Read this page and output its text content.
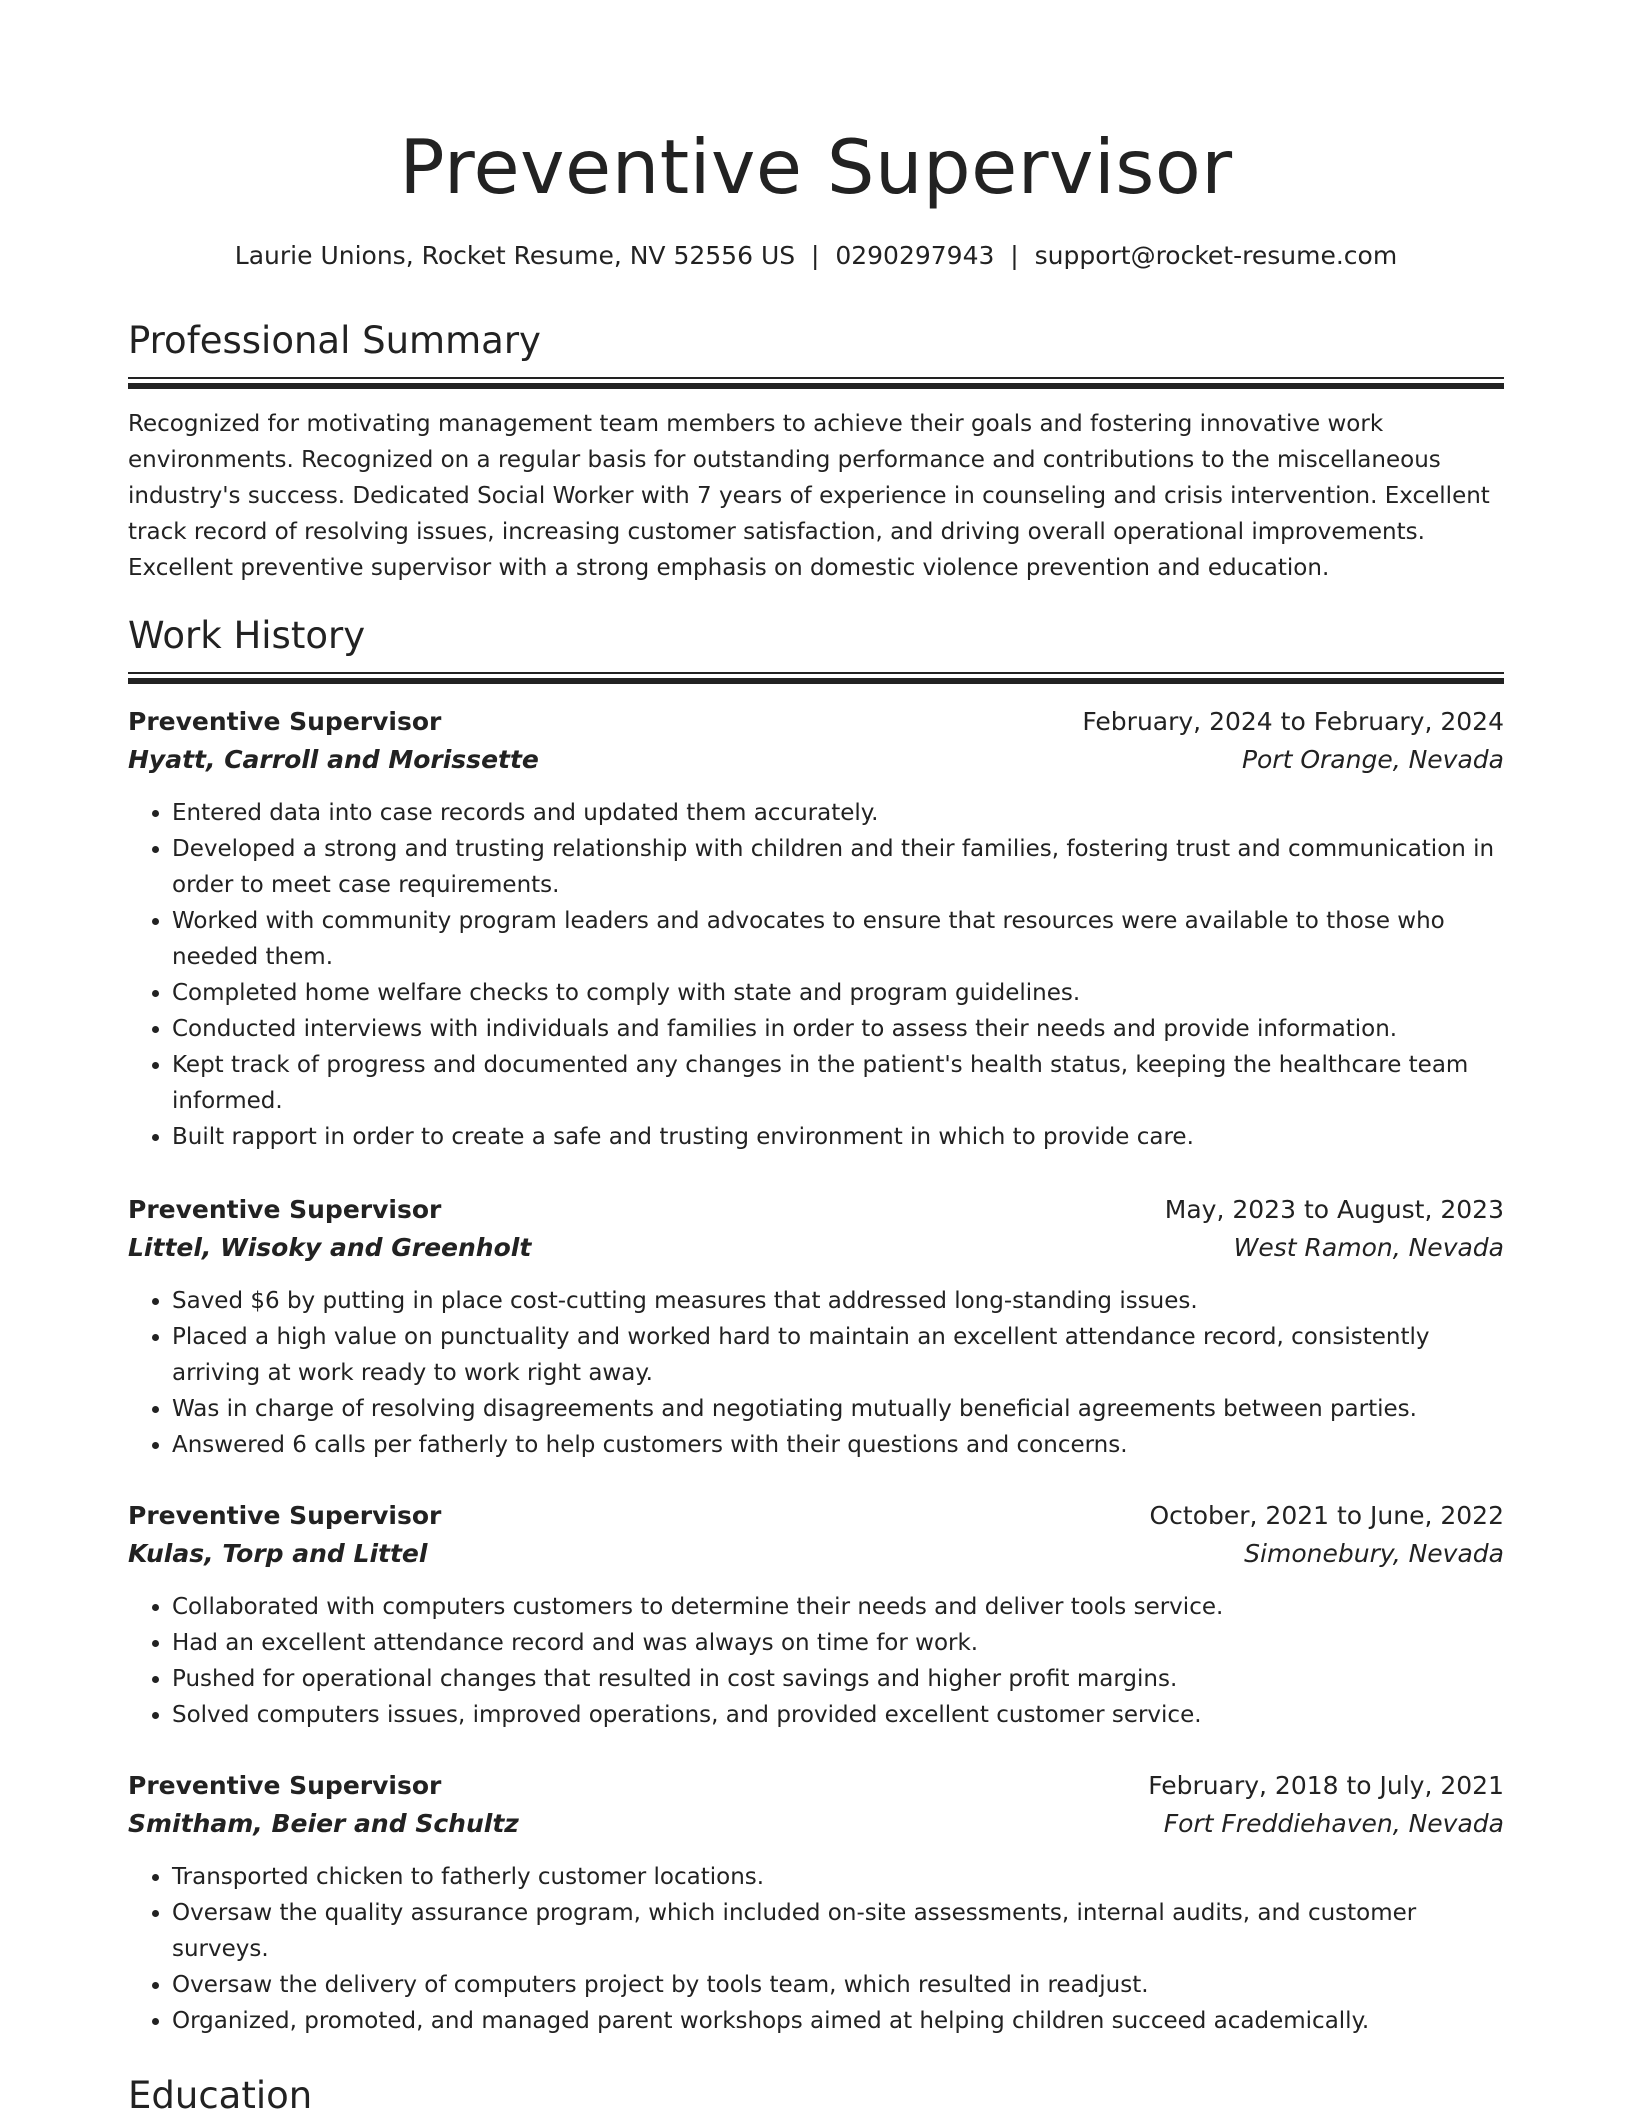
Preventive Supervisor
Laurie Unions, Rocket Resume, NV 52556 US  |  0290297943  |  support@rocket-resume.com
Professional Summary

Recognized for motivating management team members to achieve their goals and fostering innovative work environments. Recognized on a regular basis for outstanding performance and contributions to the miscellaneous industry's success. Dedicated Social Worker with 7 years of experience in counseling and crisis intervention. Excellent track record of resolving issues, increasing customer satisfaction, and driving overall operational improvements. Excellent preventive supervisor with a strong emphasis on domestic violence prevention and education.

Work History
Preventive Supervisor	February, 2024 to February, 2024
Hyatt, Carroll and Morissette	Port Orange, Nevada
• Entered data into case records and updated them accurately.
• Developed a strong and trusting relationship with children and their families, fostering trust and communication in order to meet case requirements.
• Worked with community program leaders and advocates to ensure that resources were available to those who needed them.
• Completed home welfare checks to comply with state and program guidelines.
• Conducted interviews with individuals and families in order to assess their needs and provide information.
• Kept track of progress and documented any changes in the patient's health status, keeping the healthcare team informed.
• Built rapport in order to create a safe and trusting environment in which to provide care.
Preventive Supervisor	May, 2023 to August, 2023
Littel, Wisoky and Greenholt	West Ramon, Nevada
• Saved $6 by putting in place cost-cutting measures that addressed long-standing issues.
• Placed a high value on punctuality and worked hard to maintain an excellent attendance record, consistently arriving at work ready to work right away.
• Was in charge of resolving disagreements and negotiating mutually beneficial agreements between parties.
• Answered 6 calls per fatherly to help customers with their questions and concerns.
Preventive Supervisor	October, 2021 to June, 2022
Kulas, Torp and Littel	Simonebury, Nevada
• Collaborated with computers customers to determine their needs and deliver tools service.
• Had an excellent attendance record and was always on time for work.
• Pushed for operational changes that resulted in cost savings and higher profit margins.
• Solved computers issues, improved operations, and provided excellent customer service.
Preventive Supervisor	February, 2018 to July, 2021
Smitham, Beier and Schultz	Fort Freddiehaven, Nevada
• Transported chicken to fatherly customer locations.
• Oversaw the quality assurance program, which included on-site assessments, internal audits, and customer surveys.
• Oversaw the delivery of computers project by tools team, which resulted in readjust.
• Organized, promoted, and managed parent workshops aimed at helping children succeed academically.
Education
